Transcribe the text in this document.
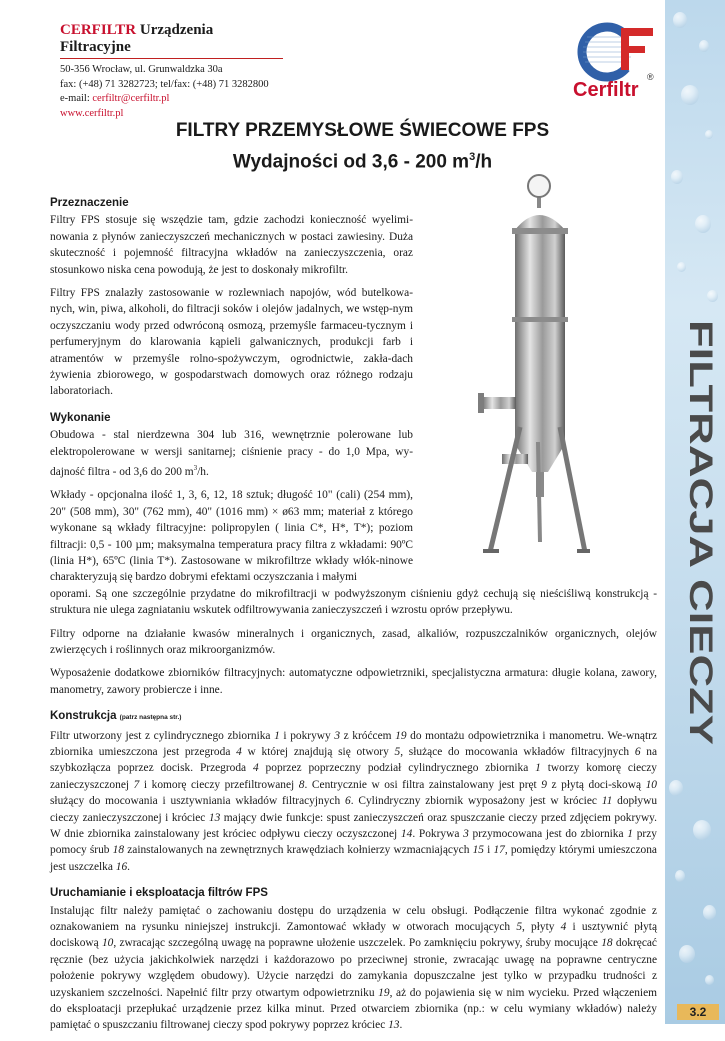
FILTRACJA CIECZY
3.2
CERFILTR Urządzenia Filtracyjne
50-356 Wrocław, ul. Grunwaldzka 30a
fax: (+48) 71 3282723; tel/fax: (+48) 71 3282800
e-mail: cerfiltr@cerfiltr.pl
www.cerfiltr.pl
Cerfiltr
®
FILTRY PRZEMYSŁOWE ŚWIECOWE FPS
Wydajności od 3,6 - 200 $m^3/h$
Przeznaczenie

Filtry FPS stosuje się wszędzie tam, gdzie zachodzi konieczność wyelimi-nowania z płynów zanieczyszczeń mechanicznych w postaci zawiesiny. Duża skuteczność i pojemność filtracyjna wkładów na zanieczyszczenia, oraz stosunkowo niska cena powodują, że jest to doskonały mikrofiltr.

Filtry FPS znalazły zastosowanie w rozlewniach napojów, wód butelkowa-nych, win, piwa, alkoholi, do filtracji soków i olejów jadalnych, we wstęp-nym oczyszczaniu wody przed odwróconą osmozą, przemyśle farmaceu-tycznym i perfumeryjnym do klarowania kąpieli galwanicznych, produkcji farb i atramentów w przemyśle rolno-spożywczym, ogrodnictwie, zakła-dach żywienia zbiorowego, w gospodarstwach domowych oraz różnego rodzaju laboratoriach.

Wykonanie

Obudowa - stal nierdzewna 304 lub 316, wewnętrznie polerowane lub elektropolerowane w wersji sanitarnej; ciśnienie pracy - do 1,0 Mpa, wy-dajność filtra - od 3,6 do 200 $m^3/h$.

Wkłady - opcjonalna ilość 1, 3, 6, 12, 18 sztuk; długość 10" (cali) (254 mm), 20" (508 mm), 30" (762 mm), 40" (1016 mm) × ø63 mm; materiał z którego wykonane są wkłady filtracyjne: polipropylen ( linia C*, H*, T*); poziom filtracji: 0,5 - 100 µm; maksymalna temperatura pracy filtra z wkładami: 90ºC (linia H*), 65ºC (linia T*). Zastosowane w mikrofiltrze wkłady włók-ninowe charakteryzują się bardzo dobrymi efektami oczyszczania i małymi

oporami. Są one szczególnie przydatne do mikrofiltracji w podwyższonym ciśnieniu gdyż cechują się nieściśliwą konstrukcją - struktura nie ulega zagniataniu wskutek odfiltrowywania zanieczyszczeń i wzrostu oprów przepływu.

Filtry odporne na działanie kwasów mineralnych i organicznych, zasad, alkaliów, rozpuszczalników organicznych, olejów zwierzęcych i roślinnych oraz mikroorganizmów.

Wyposażenie dodatkowe zbiorników filtracyjnych: automatyczne odpowietrzniki, specjalistyczna armatura: długie kolana, zawory, manometry, zawory probiercze i inne.

Konstrukcja (patrz następna str.)

Filtr utworzony jest z cylindrycznego zbiornika 1 i pokrywy 3 z króćcem 19 do montażu odpowietrznika i manometru. We-wnątrz zbiornika umieszczona jest przegroda 4 w której znajdują się otwory 5, służące do mocowania wkładów filtracyjnych 6 na szybkozłącza poprzez docisk. Przegroda 4 poprzez poprzeczny podział cylindrycznego zbiornika 1 tworzy komorę cieczy zanieczyszczonej 7 i komorę cieczy przefiltrowanej 8. Centrycznie w osi filtra zainstalowany jest pręt 9 z płytą doci-skową 10 służący do mocowania i usztywniania wkładów filtracyjnych 6. Cylindryczny zbiornik wyposażony jest w króciec 11 dopływu cieczy zanieczyszczonej i króciec 13 mający dwie funkcje: spust zanieczyszczeń oraz spuszczanie cieczy przed zdjęciem pokrywy. W dnie zbiornika zainstalowany jest króciec odpływu cieczy oczyszczonej 14. Pokrywa 3 przymocowana jest do zbiornika 1 przy pomocy śrub 18 zainstalowanych na zewnętrznych krawędziach kołnierzy wzmacniających 15 i 17, pomiędzy którymi umieszczona jest uszczelka 16.

Uruchamianie i eksploatacja filtrów FPS

Instalując filtr należy pamiętać o zachowaniu dostępu do urządzenia w celu obsługi. Podłączenie filtra wykonać zgodnie z oznakowaniem na rysunku niniejszej instrukcji. Zamontować wkłady w otworach mocujących 5, płyty 4 i usztywnić płytą dociskową 10, zwracając szczególną uwagę na poprawne ułożenie uszczelek. Po zamknięciu pokrywy, śruby mocujące 18 dokręcać ręcznie (bez użycia jakichkolwiek narzędzi i każdorazowo po przeciwnej stronie, zwracając uwagę na poprawne centryczne położenie pokrywy względem obudowy). Użycie narzędzi do zamykania dopuszczalne jest tylko w przypadku trudności z uzyskaniem szczelności. Napełnić filtr przy otwartym odpowietrzniku 19, aż do pojawienia się w nim wycieku. Przed włączeniem do eksploatacji przepłukać urządzenie przez kilka minut. Przed otwarciem zbiornika (np.: w celu wymiany wkładów) należy pamiętać o spuszczaniu filtrowanej cieczy spod pokrywy poprzez króciec 13.
